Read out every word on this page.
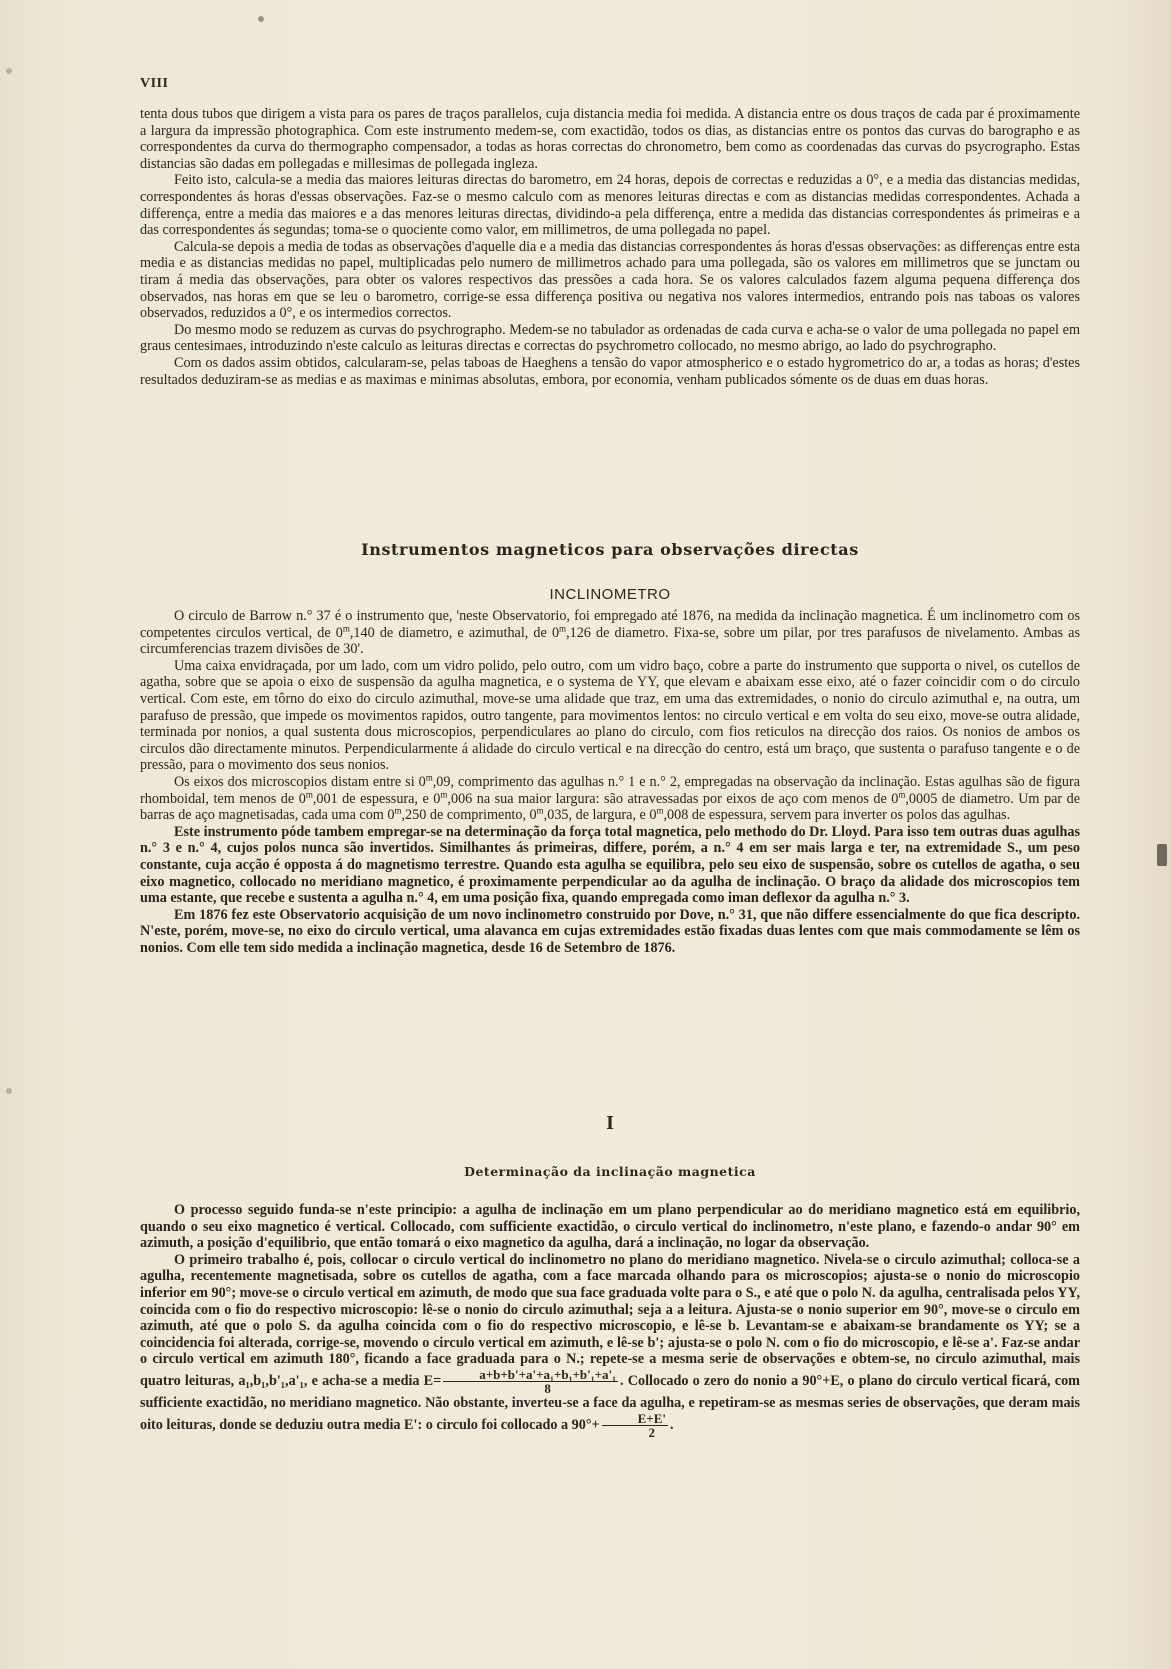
VIII

tenta dous tubos que dirigem a vista para os pares de traços parallelos, cuja distancia media foi medida. A distancia entre os dous traços de cada par é proximamente a largura da impressão photographica. Com este instrumento medem-se, com exactidão, todos os dias, as distancias entre os pontos das curvas do barographo e as correspondentes da curva do thermographo compensador, a todas as horas correctas do chronometro, bem como as coordenadas das curvas do psycrographo. Estas distancias são dadas em pollegadas e millesimas de pollegada ingleza.

Feito isto, calcula-se a media das maiores leituras directas do barometro, em 24 horas, depois de correctas e reduzidas a 0°, e a media das distancias medidas, correspondentes ás horas d'essas observações. Faz-se o mesmo calculo com as menores leituras directas e com as distancias medidas correspondentes. Achada a differença, entre a media das maiores e a das menores leituras directas, dividindo-a pela differença, entre a medida das distancias correspondentes ás primeiras e a das correspondentes ás segundas; toma-se o quociente como valor, em millimetros, de uma pollegada no papel.

Calcula-se depois a media de todas as observações d'aquelle dia e a media das distancias correspondentes ás horas d'essas observações: as differenças entre esta media e as distancias medidas no papel, multiplicadas pelo numero de millimetros achado para uma pollegada, são os valores em millimetros que se junctam ou tiram á media das observações, para obter os valores respectivos das pressões a cada hora. Se os valores calculados fazem alguma pequena differença dos observados, nas horas em que se leu o barometro, corrige-se essa differença positiva ou negativa nos valores intermedios, entrando pois nas taboas os valores observados, reduzidos a 0°, e os intermedios correctos.

Do mesmo modo se reduzem as curvas do psychrographo. Medem-se no tabulador as ordenadas de cada curva e acha-se o valor de uma pollegada no papel em graus centesimaes, introduzindo n'este calculo as leituras directas e correctas do psychrometro collocado, no mesmo abrigo, ao lado do psychrographo.

Com os dados assim obtidos, calcularam-se, pelas taboas de Haeghens a tensão do vapor atmospherico e o estado hygrometrico do ar, a todas as horas; d'estes resultados deduziram-se as medias e as maximas e minimas absolutas, embora, por economia, venham publicados sómente os de duas em duas horas.

Instrumentos magneticos para observações directas
INCLINOMETRO

O circulo de Barrow n.° 37 é o instrumento que, 'neste Observatorio, foi empregado até 1876, na medida da inclinação magnetica. É um inclinometro com os competentes circulos vertical, de 0$^m$,140 de diametro, e azimuthal, de 0$^m$,126 de diametro. Fixa-se, sobre um pilar, por tres parafusos de nivelamento. Ambas as circumferencias trazem divisões de 30'.

Uma caixa envidraçada, por um lado, com um vidro polido, pelo outro, com um vidro baço, cobre a parte do instrumento que supporta o nivel, os cutellos de agatha, sobre que se apoia o eixo de suspensão da agulha magnetica, e o systema de YY, que elevam e abaixam esse eixo, até o fazer coincidir com o do circulo vertical. Com este, em tôrno do eixo do circulo azimuthal, move-se uma alidade que traz, em uma das extremidades, o nonio do circulo azimuthal e, na outra, um parafuso de pressão, que impede os movimentos rapidos, outro tangente, para movimentos lentos: no circulo vertical e em volta do seu eixo, move-se outra alidade, terminada por nonios, a qual sustenta dous microscopios, perpendiculares ao plano do circulo, com fios reticulos na direcção dos raios. Os nonios de ambos os circulos dão directamente minutos. Perpendicularmente á alidade do circulo vertical e na direcção do centro, está um braço, que sustenta o parafuso tangente e o de pressão, para o movimento dos seus nonios.

Os eixos dos microscopios distam entre si 0$^m$,09, comprimento das agulhas n.° 1 e n.° 2, empregadas na observação da inclinação. Estas agulhas são de figura rhomboidal, tem menos de 0$^m$,001 de espessura, e 0$^m$,006 na sua maior largura: são atravessadas por eixos de aço com menos de 0$^m$,0005 de diametro. Um par de barras de aço magnetisadas, cada uma com 0$^m$,250 de comprimento, 0$^m$,035, de largura, e 0$^m$,008 de espessura, servem para inverter os polos das agulhas.

Este instrumento póde tambem empregar-se na determinação da força total magnetica, pelo methodo do Dr. Lloyd. Para isso tem outras duas agulhas n.° 3 e n.° 4, cujos polos nunca são invertidos. Similhantes ás primeiras, differe, porém, a n.° 4 em ser mais larga e ter, na extremidade S., um peso constante, cuja acção é opposta á do magnetismo terrestre. Quando esta agulha se equilibra, pelo seu eixo de suspensão, sobre os cutellos de agatha, o seu eixo magnetico, collocado no meridiano magnetico, é proximamente perpendicular ao da agulha de inclinação. O braço da alidade dos microscopios tem uma estante, que recebe e sustenta a agulha n.° 4, em uma posição fixa, quando empregada como iman deflexor da agulha n.° 3.

Em 1876 fez este Observatorio acquisição de um novo inclinometro construido por Dove, n.° 31, que não differe essencialmente do que fica descripto. N'este, porém, move-se, no eixo do circulo vertical, uma alavanca em cujas extremidades estão fixadas duas lentes com que mais commodamente se lêm os nonios. Com elle tem sido medida a inclinação magnetica, desde 16 de Setembro de 1876.

I
Determinação da inclinação magnetica

O processo seguido funda-se n'este principio: a agulha de inclinação em um plano perpendicular ao do meridiano magnetico está em equilibrio, quando o seu eixo magnetico é vertical. Collocado, com sufficiente exactidão, o circulo vertical do inclinometro, n'este plano, e fazendo-o andar 90° em azimuth, a posição d'equilibrio, que então tomará o eixo magnetico da agulha, dará a inclinação, no logar da observação.

O primeiro trabalho é, pois, collocar o circulo vertical do inclinometro no plano do meridiano magnetico. Nivela-se o circulo azimuthal; colloca-se a agulha, recentemente magnetisada, sobre os cutellos de agatha, com a face marcada olhando para os microscopios; ajusta-se o nonio do microscopio inferior em 90°; move-se o circulo vertical em azimuth, de modo que sua face graduada volte para o S., e até que o polo N. da agulha, centralisada pelos YY, coincida com o fio do respectivo microscopio: lê-se o nonio do circulo azimuthal; seja a a leitura. Ajusta-se o nonio superior em 90°, move-se o circulo em azimuth, até que o polo S. da agulha coincida com o fio do respectivo microscopio, e lê-se b. Levantam-se e abaixam-se brandamente os YY; se a coincidencia foi alterada, corrige-se, movendo o circulo vertical em azimuth, e lê-se b'; ajusta-se o polo N. com o fio do microscopio, e lê-se a'. Faz-se andar o circulo vertical em azimuth 180°, ficando a face graduada para o N.; repete-se a mesma serie de observações e obtem-se, no circulo azimuthal, mais quatro leituras, a₁,b₁,b'₁,a'₁, e acha-se a media $E= \frac{\text{a+b+b'+a'+a₁+b₁+b'₁+a'₁}}{8}$ . Collocado o zero do nonio a 90°+E, o plano do circulo vertical ficará, com sufficiente exactidão, no meridiano magnetico. Não obstante, inverteu-se a face da agulha, e repetiram-se as mesmas series de observações, que deram mais oito leituras, donde se deduziu outra media E': o circulo foi collocado a $90^\circ+ \frac{E+E'}{2}$ .
